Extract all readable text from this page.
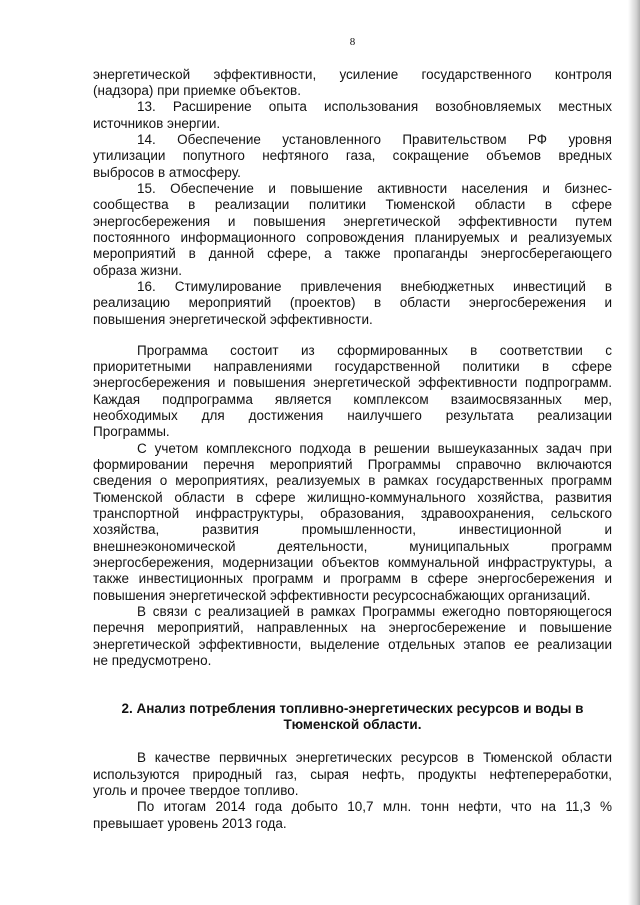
8
энергетической эффективности, усиление государственного контроля
(надзора) при приемке объектов.
13. Расширение опыта использования возобновляемых местных
источников энергии.
14. Обеспечение установленного Правительством РФ уровня
утилизации попутного нефтяного газа, сокращение объемов вредных
выбросов в атмосферу.
15. Обеспечение и повышение активности населения и бизнес-
сообщества в реализации политики Тюменской области в сфере
энергосбережения и повышения энергетической эффективности путем
постоянного информационного сопровождения планируемых и реализуемых
мероприятий в данной сфере, а также пропаганды энергосберегающего
образа жизни.
16. Стимулирование привлечения внебюджетных инвестиций в
реализацию мероприятий (проектов) в области энергосбережения и
повышения энергетической эффективности.
Программа состоит из сформированных в соответствии с
приоритетными направлениями государственной политики в сфере
энергосбережения и повышения энергетической эффективности подпрограмм.
Каждая подпрограмма является комплексом взаимосвязанных мер,
необходимых для достижения наилучшего результата реализации
Программы.
С учетом комплексного подхода в решении вышеуказанных задач при
формировании перечня мероприятий Программы справочно включаются
сведения о мероприятиях, реализуемых в рамках государственных программ
Тюменской области в сфере жилищно-коммунального хозяйства, развития
транспортной инфраструктуры, образования, здравоохранения, сельского
хозяйства, развития промышленности, инвестиционной и
внешнеэкономической деятельности, муниципальных программ
энергосбережения, модернизации объектов коммунальной инфраструктуры, а
также инвестиционных программ и программ в сфере энергосбережения и
повышения энергетической эффективности ресурсоснабжающих организаций.
В связи с реализацией в рамках Программы ежегодно повторяющегося
перечня мероприятий, направленных на энергосбережение и повышение
энергетической эффективности, выделение отдельных этапов ее реализации
не предусмотрено.
2. Анализ потребления топливно-энергетических ресурсов и воды в
Тюменской области.
В качестве первичных энергетических ресурсов в Тюменской области
используются природный газ, сырая нефть, продукты нефтепереработки,
уголь и прочее твердое топливо.
По итогам 2014 года добыто 10,7 млн. тонн нефти, что на 11,3 %
превышает уровень 2013 года.
